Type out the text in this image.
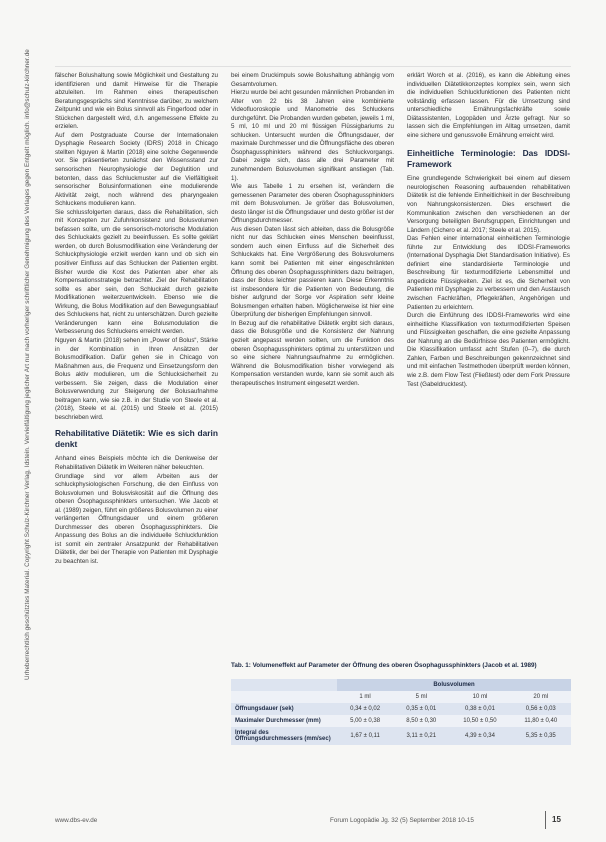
Urheberrechtlich geschütztes Material. Copyright Schulz-Kirchner Verlag, Idstein. Vervielfältigung jeglicher Art nur nach vorheriger schriftlicher Genehmigung des Verlages gegen Entgelt möglich. info@schulz-kirchner.de	fälscher Bolushaltung sowie Möglichkeit und Gestaltung zu identifizieren und damit Hinweise für die Therapie abzuleiten. Im Rahmen eines therapeutischen Beratungsgesprächs sind Kenntnisse darüber, zu welchem Zeitpunkt und wie ein Bolus sinnvoll als Fingerfood oder in Stückchen dargestellt wird, d.h. angemessene Effekte zu erzielen.

Auf dem Postgraduate Course der Internationalen Dysphagie Research Society (IDRS) 2018 in Chicago stellten Nguyen & Martin (2018) eine solche Gegenwende vor. Sie präsentierten zunächst den Wissensstand zur sensorischen Neurophysiologie der Deglutition und betonten, dass das Schluckmuster auf die Vielfältigkeit sensorischer Bolusinformationen eine modulierende Aktivität zeigt, noch während des pharyngealen Schluckens modulieren kann.

Sie schlussfolgerten daraus, dass die Rehabilitation, sich mit Konzepten zur Zufuhrkonsistenz und Bolusvolumen befassen sollte, um die sensorisch-motorische Modulation des Schluckakts gezielt zu beeinflussen. Es sollte geklärt werden, ob durch Bolusmodifikation eine Veränderung der Schluckphysiologie erzielt werden kann und ob sich ein positiver Einfluss auf das Schlucken der Patienten ergibt. Bisher wurde die Kost des Patienten aber eher als Kompensationsstrategie betrachtet. Ziel der Rehabilitation sollte es aber sein, den Schluckakt durch gezielte Modifikationen weiterzuentwickeln. Ebenso wie die Wirkung, die Bolus Modifikation auf den Bewegungsablauf des Schluckens hat, nicht zu unterschätzen. Durch gezielte Veränderungen kann eine Bolusmodulation die Verbesserung des Schluckens erreicht werden.

Nguyen & Martin (2018) sehen im „Power of Bolus“, Stärke in der Kombination in Ihren Ansätzen der Bolusmodifikation. Dafür gehen sie in Chicago von Maßnahmen aus, die Frequenz und Einsetzungsform den Bolus aktiv modulieren, um die Schlucksicherheit zu verbessern. Sie zeigen, dass die Modulation einer Bolusverwendung zur Steigerung der Bolusaufnahme beitragen kann, wie sie z.B. in der Studie von Steele et al. (2018), Steele et al. (2015) und Steele et al. (2015) beschrieben wird.

Rehabilitative Diätetik: Wie es sich darin denkt

Anhand eines Beispiels möchte ich die Denkweise der Rehabilitativen Diätetik im Weiteren näher beleuchten.

Grundlage sind vor allem Arbeiten aus der schluckphysiologischen Forschung, die den Einfluss von Bolusvolumen und Bolusviskosität auf die Öffnung des oberen Ösophagussphinkters untersuchen. Wie Jacob et al. (1989) zeigen, führt ein größeres Bolusvolumen zu einer verlängerten Öffnungsdauer und einem größeren Durchmesser des oberen Ösophagussphinkters. Die Anpassung des Bolus an die individuelle Schluckfunktion ist somit ein zentraler Ansatzpunkt der Rehabilitativen Diätetik, der bei der Therapie von Patienten mit Dysphagie zu beachten ist.

bei einem Druckimpuls sowie Bolushaltung abhängig vom Gesamtvolumen.

Hierzu wurde bei acht gesunden männlichen Probanden im Alter von 22 bis 38 Jahren eine kombinierte Videofluoroskopie und Manometrie des Schluckens durchgeführt. Die Probanden wurden gebeten, jeweils 1 ml, 5 ml, 10 ml und 20 ml flüssigen Flüssigbariums zu schlucken. Untersucht wurden die Öffnungsdauer, der maximale Durchmesser und die Öffnungsfläche des oberen Ösophagussphinkters während des Schluckvorgangs. Dabei zeigte sich, dass alle drei Parameter mit zunehmendem Bolusvolumen signifikant anstiegen (Tab. 1).

Wie aus Tabelle 1 zu ersehen ist, verändern die gemessenen Parameter des oberen Ösophagussphinkters mit dem Bolusvolumen. Je größer das Bolusvolumen, desto länger ist die Öffnungsdauer und desto größer ist der Öffnungsdurchmesser.

Aus diesen Daten lässt sich ableiten, dass die Bolusgröße nicht nur das Schlucken eines Menschen beeinflusst, sondern auch einen Einfluss auf die Sicherheit des Schluckakts hat. Eine Vergrößerung des Bolusvolumens kann somit bei Patienten mit einer eingeschränkten Öffnung des oberen Ösophagussphinkters dazu beitragen, dass der Bolus leichter passieren kann. Diese Erkenntnis ist insbesondere für die Patienten von Bedeutung, die bisher aufgrund der Sorge vor Aspiration sehr kleine Bolusmengen erhalten haben. Möglicherweise ist hier eine Überprüfung der bisherigen Empfehlungen sinnvoll.

In Bezug auf die rehabilitative Diätetik ergibt sich daraus, dass die Bolusgröße und die Konsistenz der Nahrung gezielt angepasst werden sollten, um die Funktion des oberen Ösophagussphinkters optimal zu unterstützen und so eine sichere Nahrungsaufnahme zu ermöglichen. Während die Bolusmodifikation bisher vorwiegend als Kompensation verstanden wurde, kann sie somit auch als therapeutisches Instrument eingesetzt werden.

erklärt Worch et al. (2016), es kann die Ableitung eines individuellen Diätetikkonzeptes komplex sein, wenn sich die individuellen Schluckfunktionen des Patienten nicht vollständig erfassen lassen. Für die Umsetzung sind unterschiedliche Ernährungsfachkräfte sowie Diätassistenten, Logopäden und Ärzte gefragt. Nur so lassen sich die Empfehlungen im Alltag umsetzen, damit eine sichere und genussvolle Ernährung erreicht wird.

Einheitliche Terminologie: Das IDDSI-Framework

Eine grundlegende Schwierigkeit bei einem auf diesem neurologischen Reasoning aufbauenden rehabilitativen Diätetik ist die fehlende Einheitlichkeit in der Beschreibung von Nahrungskonsistenzen. Dies erschwert die Kommunikation zwischen den verschiedenen an der Versorgung beteiligten Berufsgruppen, Einrichtungen und Ländern (Cichero et al. 2017; Steele et al. 2015).

Das Fehlen einer international einheitlichen Terminologie führte zur Entwicklung des IDDSI-Frameworks (International Dysphagia Diet Standardisation Initiative). Es definiert eine standardisierte Terminologie und Beschreibung für texturmodifizierte Lebensmittel und angedickte Flüssigkeiten. Ziel ist es, die Sicherheit von Patienten mit Dysphagie zu verbessern und den Austausch zwischen Fachkräften, Pflegekräften, Angehörigen und Patienten zu erleichtern.

Durch die Einführung des IDDSI-Frameworks wird eine einheitliche Klassifikation von texturmodifizierten Speisen und Flüssigkeiten geschaffen, die eine gezielte Anpassung der Nahrung an die Bedürfnisse des Patienten ermöglicht. Die Klassifikation umfasst acht Stufen (0–7), die durch Zahlen, Farben und Beschreibungen gekennzeichnet sind und mit einfachen Testmethoden überprüft werden können, wie z.B. dem Flow Test (Fließtest) oder dem Fork Pressure Test (Gabeldrucktest).

Tab. 1: Volumeneffekt auf Parameter der Öffnung des oberen Ösophagussphinkters (Jacob et al. 1989)
	Bolusvolumen			
	1 ml	5 ml	10 ml	20 ml
Öffnungsdauer (sek)	0,34 ± 0,02	0,35 ± 0,01	0,38 ± 0,01	0,56 ± 0,03
Maximaler Durchmesser (mm)	5,00 ± 0,38	8,50 ± 0,30	10,50 ± 0,50	11,80 ± 0,40
Integral des Öffnungsdurchmessers (mm/sec)	1,67 ± 0,11	3,11 ± 0,21	4,39 ± 0,34	5,35 ± 0,35
www.dbs-ev.de	Forum Logopädie Jg. 32 (5) September 2018 10-15	15
